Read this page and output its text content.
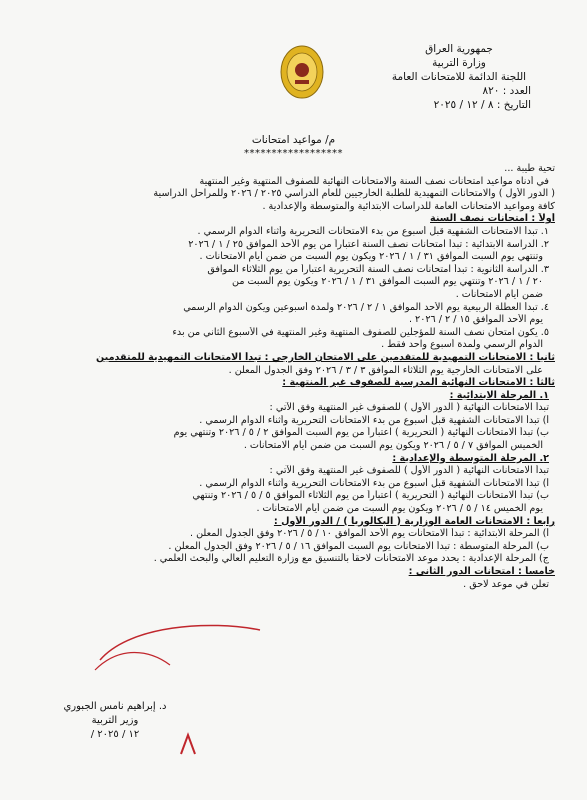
جمهورية العراق
وزارة التربية
اللجنة الدائمة للامتحانات العامة
العدد : ٨٢٠
التاريخ : ٨ / ١٢ / ٢٠٢٥
م/ مواعيد امتحانات
******************

تحية طيبة ...

في أدناه مواعيد امتحانات نصف السنة والامتحانات النهائية للصفوف المنتهية وغير المنتهية

( الدور الأول ) والامتحانات التمهيدية للطلبة الخارجيين للعام الدراسي ٢٠٢٥ / ٢٠٢٦ وللمراحل الدراسية

كافة ومواعيد الامتحانات العامة للدراسات الابتدائية والمتوسطة والإعدادية .

أولاً : امتحانات نصف السنة

١. تبدأ الامتحانات الشفهية قبل أسبوع من بدء الامتحانات التحريرية وأثناء الدوام الرسمي .

٢. الدراسة الابتدائية : تبدأ امتحانات نصف السنة اعتباراً من يوم الأحد الموافق ٢٥ / ١ / ٢٠٢٦

وتنتهي يوم السبت الموافق ٣١ / ١ / ٢٠٢٦ ويكون يوم السبت من ضمن أيام الامتحانات .

٣. الدراسة الثانوية : تبدأ امتحانات نصف السنة التحريرية اعتباراً من يوم الثلاثاء الموافق

٢٠ / ١ / ٢٠٢٦ وتنتهي يوم السبت الموافق ٣١ / ١ / ٢٠٢٦ ويكون يوم السبت من

ضمن أيام الامتحانات .

٤. تبدأ العطلة الربيعية يوم الأحد الموافق ١ / ٢ / ٢٠٢٦ ولمدة أسبوعين ويكون الدوام الرسمي

يوم الأحد الموافق ١٥ / ٢ / ٢٠٢٦ .

٥. يكون امتحان نصف السنة للمؤجلين للصفوف المنتهية وغير المنتهية في الأسبوع الثاني من بدء

الدوام الرسمي ولمدة أسبوع واحد فقط .

ثانياً : الامتحانات التمهيدية للمتقدمين على الامتحان الخارجي : تبدأ الامتحانات التمهيدية للمتقدمين

على الامتحانات الخارجية يوم الثلاثاء الموافق ٣ / ٣ / ٢٠٢٦ وفق الجدول المعلن .

ثالثاً : الامتحانات النهائية المدرسية للصفوف غير المنتهية :

١. المرحلة الابتدائية :

تبدأ الامتحانات النهائية ( الدور الأول ) للصفوف غير المنتهية وفق الآتي :

أ) تبدأ الامتحانات الشفهية قبل أسبوع من بدء الامتحانات التحريرية وأثناء الدوام الرسمي .

ب) تبدأ الامتحانات النهائية ( التحريرية ) اعتباراً من يوم السبت الموافق ٢ / ٥ / ٢٠٢٦ وتنتهي يوم

الخميس الموافق ٧ / ٥ / ٢٠٢٦ ويكون يوم السبت من ضمن أيام الامتحانات .

٢. المرحلة المتوسطة والإعدادية :

تبدأ الامتحانات النهائية ( الدور الأول ) للصفوف غير المنتهية وفق الآتي :

أ) تبدأ الامتحانات الشفهية قبل أسبوع من بدء الامتحانات التحريرية وأثناء الدوام الرسمي .

ب) تبدأ الامتحانات النهائية ( التحريرية ) اعتباراً من يوم الثلاثاء الموافق ٥ / ٥ / ٢٠٢٦ وتنتهي

يوم الخميس ١٤ / ٥ / ٢٠٢٦ ويكون يوم السبت من ضمن أيام الامتحانات .

رابعاً : الامتحانات العامة الوزارية ( البكالوريا ) / الدور الأول :

أ) المرحلة الابتدائية : تبدأ الامتحانات يوم الأحد الموافق ١٠ / ٥ / ٢٠٢٦ وفق الجدول المعلن .

ب) المرحلة المتوسطة : تبدأ الامتحانات يوم السبت الموافق ١٦ / ٥ / ٢٠٢٦ وفق الجدول المعلن .

ج) المرحلة الإعدادية : يحدد موعد الامتحانات لاحقاً بالتنسيق مع وزارة التعليم العالي والبحث العلمي .

خامساً : امتحانات الدور الثاني :

تعلن في موعد لاحق .

د. إبراهيم نامس الجبوري
وزير التربية
/ ١٢ / ٢٠٢٥
